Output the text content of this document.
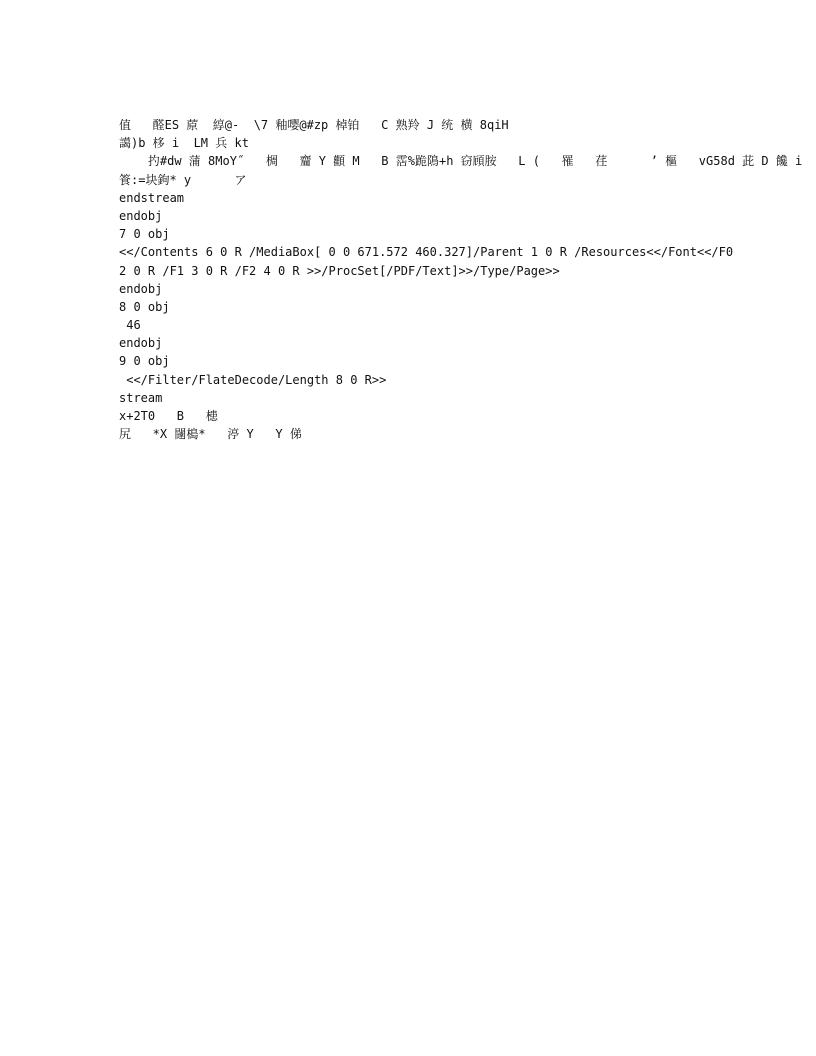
值   醛ES 蒝  綧@-  \7 釉嘤@#zp 棹铂   C 熟羚 J 统 横 8qiH
譪)b 栘 i  LM 兵 kt
扚#dw 蒲 8MoY˝   椆   齏 Y 顴 M   B 霑%跪隝+h 窃頋胺   L (   罹   荏      ’ 樞   vG58d 茈 D 饞 i
篒:=块鉤* y      ア
endstream
endobj
7 0 obj
<</Contents 6 0 R /MediaBox[ 0 0 671.572 460.327]/Parent 1 0 R /Resources<</Font<</F0
2 0 R /F1 3 0 R /F2 4 0 R >>/ProcSet[/PDF/Text]>>/Type/Page>>
endobj
8 0 obj
46
endobj
9 0 obj
<</Filter/FlateDecode/Length 8 0 R>>
stream
x+2T0   B   槵
尻   *X 闥槝*   渟 Y   Y 俤
